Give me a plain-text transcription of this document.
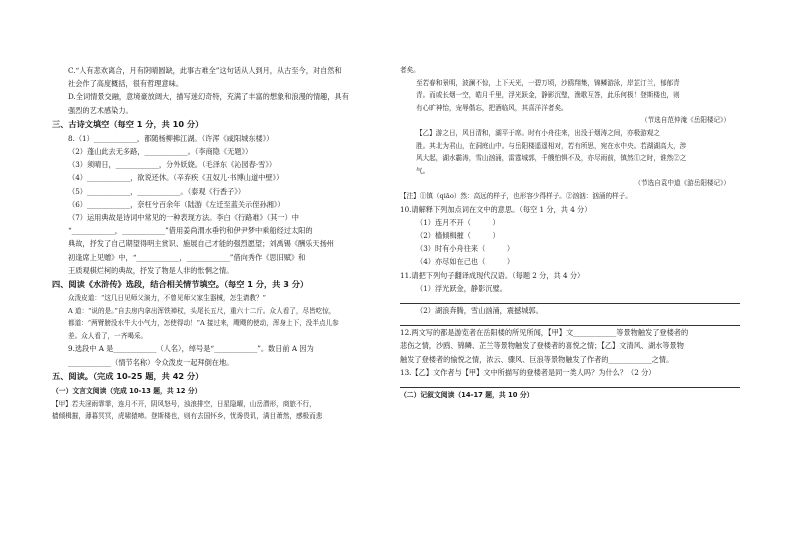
C.“人有悲欢离合，月有阴晴圆缺，此事古难全”这句话从人到月，从古至今，对自然和
社会作了高度概括，很有哲理意味。
D.全词情景交融，意境豪放阔大，描写迷幻奇特，充满了丰富的想象和浪漫的情趣，具有
强烈的艺术感染力。
三、古诗文填空（每空 1 分，共 10 分）
8.（1）____________，都随杨柳拂江湖。（许浑《咸阳城东楼》）
（2）蓬山此去无多路，____________。（李商隐《无题》）
（3）须晴日，____________，分外妖娆。（毛泽东《沁园春·雪》）
（4）____________，欲说还休。（辛弃疾《丑奴儿·书博山道中壁》）
（5）____________，____________。（泰观《行香子》）
（6）____________，奈枉兮百余年（陆游《左迁至蓝关示侄孙湘》）
（7）运用典故是诗词中常见的一种表现方法。李白《行路难》（其一）中
“____________，____________”借用姜尚渭水垂钓和伊尹梦中乘船经过太阳的
典故，抒发了自己期望得明主赏识、施展自己才能的强烈愿望；刘禹锡《酬乐天扬州
初逢席上见赠》中，“____________，____________”借向秀作《思旧赋》和
王质观棋烂柯的典故，抒发了物是人非的怅惘之情。
四、阅读《水浒传》选段，结合相关情节填空。（每空 1 分，共 3 分）
众泼皮道：“这几日见师父演力，不曾见师父家生器械，怎生请教？”
A 道：“说的是。”自去房内拿出浑铁禅杖，头尾长五尺，重六十二斤。众人看了，尽皆吃惊，
都道：“两臂膀没水牛大小气力，怎使得动！”A 接过来，飕飕的使动，浑身上下，没半点儿参
差。众人看了，一齐喝采。
9.选段中 A 是____________（人名），绰号是“____________”。数日前 A 因为
____________（情节名称）令众泼皮一起拜倒在地。
五、阅读。（完成 10-25 题，共 42 分）
（一）文言文阅读（完成 10-13 题，共 12 分）
【甲】若夫淫雨霏霏，连月不开，阴风怒号，浊浪排空，日星隐曜，山岳潜形，商旅不行，
樯倾楫摧，薄暮冥冥，虎啸猿啼。登斯楼也，则有去国怀乡，忧谗畏讥，满目萧然，感极而悲
者矣。
至若春和景明，波澜不惊，上下天光，一碧万顷，沙鸥翔集，锦鳞游泳，岸芷汀兰，郁郁青
青。而或长烟一空，皓月千里，浮光跃金，静影沉璧，渔歌互答，此乐何极！登斯楼也，则
有心旷神怡，宠辱偕忘，把酒临风，其喜洋洋者矣。
（节选自范仲淹《岳阳楼记》）
【乙】游之日，风日清和，湖平于席。时有小舟往来，出没于烟涛之间，亦极游观之
胜。其北为君山，在洞庭山中。与岳阳楼遥遥相对，若有所思，宛在水中央。若湖湖高大，涉
风大起，湖水霸涛，雪山汹涌，雷霆城郭，千艘怕惧不及，亦尽雨前，镇然①之时，谁然②之
气。
（节选自袁中道《游岳阳楼记》）
【注】①镇（qiāo）然：高远的样子，也形容少得样子。②汹汹：汹涌的样子。
10.请解释下列加点词在文中的意思。（每空 1 分，共 4 分）
（1）连月不开（　　　）
（2）樯倾楫摧（　　　）
（3）时有小舟往来（　　　）
（4）亦尽如在己也（　　　）
11.请把下列句子翻译成现代汉语。（每题 2 分，共 4 分）
（1）浮光跃金，静影沉璧。
（2）湖浪奔腾，雪山汹涌，震撼城郭。
12.两文写的都是游览者在岳阳楼的所见所闻，【甲】文____________等景物触发了登楼者的
悲伤之情，沙鸥、锦鳞、芷兰等景物触发了登楼者的喜悦之情；【乙】文清风、湖水等景物
触发了登楼者的愉悦之情，浓云、骤风、巨浪等景物触发了作者的____________之情。
13.【乙】文作者与【甲】文中所描写的登楼者是同一类人吗？为什么？（2 分）
（二）记叙文阅读（14-17 题，共 10 分）
